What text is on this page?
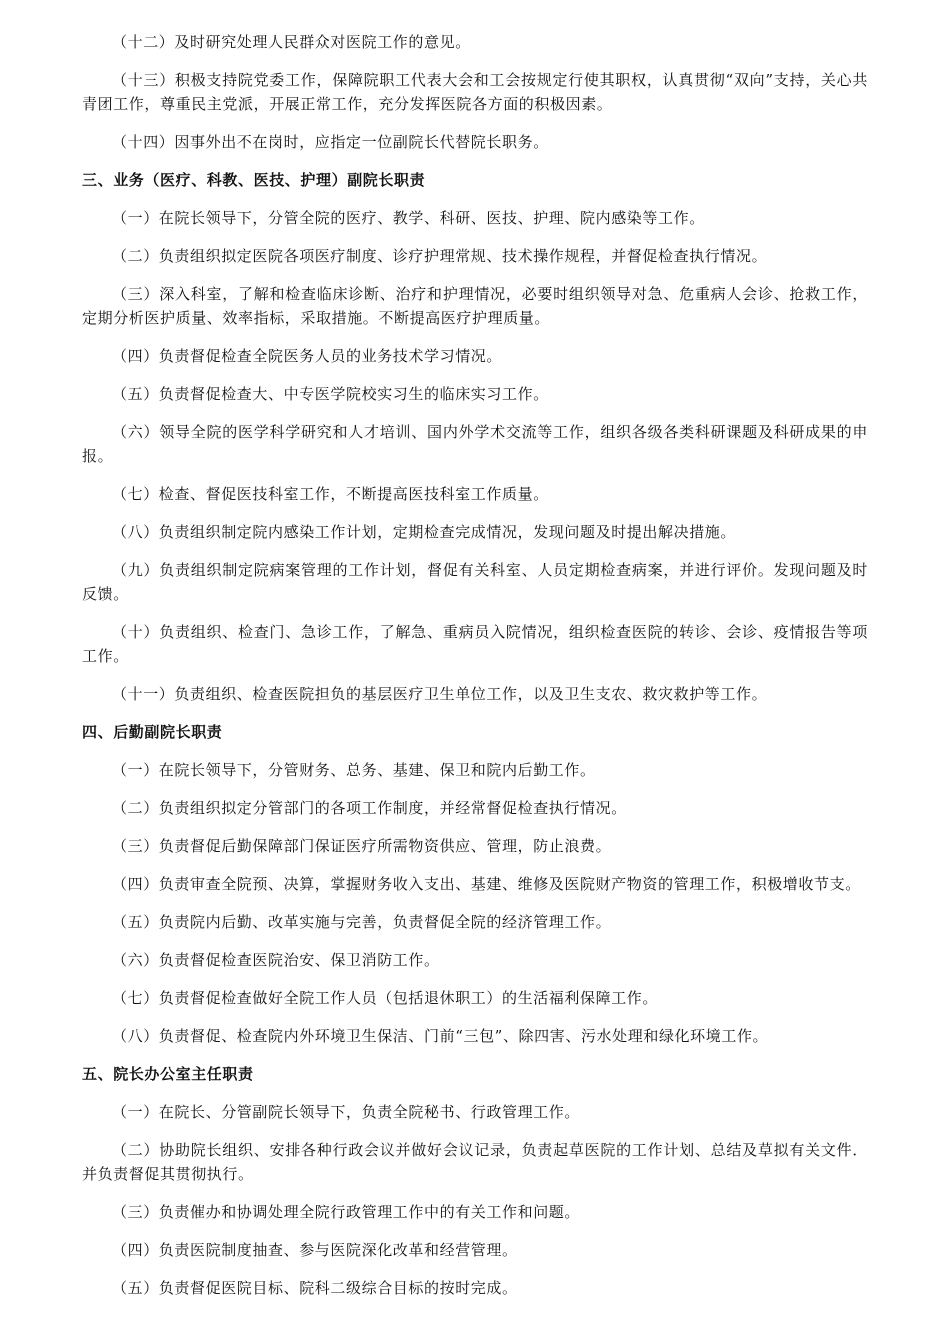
（十二）及时研究处理人民群众对医院工作的意见。

（十三）积极支持院党委工作，保障院职工代表大会和工会按规定行使其职权，认真贯彻“双向”支持，关心共青团工作，尊重民主党派，开展正常工作，充分发挥医院各方面的积极因素。

（十四）因事外出不在岗时，应指定一位副院长代替院长职务。

三、业务（医疗、科教、医技、护理）副院长职责

（一）在院长领导下，分管全院的医疗、教学、科研、医技、护理、院内感染等工作。

（二）负责组织拟定医院各项医疗制度、诊疗护理常规、技术操作规程，并督促检查执行情况。

（三）深入科室，了解和检查临床诊断、治疗和护理情况，必要时组织领导对急、危重病人会诊、抢救工作，定期分析医护质量、效率指标，采取措施。不断提高医疗护理质量。

（四）负责督促检查全院医务人员的业务技术学习情况。

（五）负责督促检查大、中专医学院校实习生的临床实习工作。

（六）领导全院的医学科学研究和人才培训、国内外学术交流等工作，组织各级各类科研课题及科研成果的申报。

（七）检查、督促医技科室工作，不断提高医技科室工作质量。

（八）负责组织制定院内感染工作计划，定期检查完成情况，发现问题及时提出解决措施。

（九）负责组织制定院病案管理的工作计划，督促有关科室、人员定期检查病案，并进行评价。发现问题及时反馈。

（十）负责组织、检查门、急诊工作，了解急、重病员入院情况，组织检查医院的转诊、会诊、疫情报告等项工作。

（十一）负责组织、检查医院担负的基层医疗卫生单位工作，以及卫生支农、救灾救护等工作。

四、后勤副院长职责

（一）在院长领导下，分管财务、总务、基建、保卫和院内后勤工作。

（二）负责组织拟定分管部门的各项工作制度，并经常督促检查执行情况。

（三）负责督促后勤保障部门保证医疗所需物资供应、管理，防止浪费。

（四）负责审查全院预、决算，掌握财务收入支出、基建、维修及医院财产物资的管理工作，积极增收节支。

（五）负责院内后勤、改革实施与完善，负责督促全院的经济管理工作。

（六）负责督促检查医院治安、保卫消防工作。

（七）负责督促检查做好全院工作人员（包括退休职工）的生活福利保障工作。

（八）负责督促、检查院内外环境卫生保洁、门前“三包”、除四害、污水处理和绿化环境工作。

五、院长办公室主任职责

（一）在院长、分管副院长领导下，负责全院秘书、行政管理工作。

（二）协助院长组织、安排各种行政会议并做好会议记录，负责起草医院的工作计划、总结及草拟有关文件．并负责督促其贯彻执行。

（三）负责催办和协调处理全院行政管理工作中的有关工作和问题。

（四）负责医院制度抽查、参与医院深化改革和经营管理。

（五）负责督促医院目标、院科二级综合目标的按时完成。
